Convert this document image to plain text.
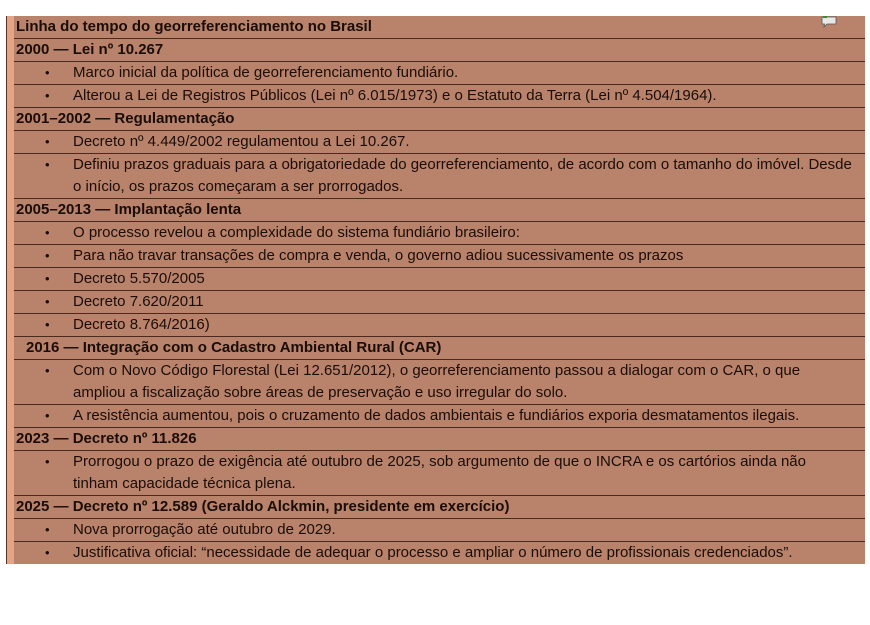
Linha do tempo do georreferenciamento no Brasil
2000 — Lei nº 10.267
• Marco inicial da política de georreferenciamento fundiário.
• Alterou a Lei de Registros Públicos (Lei nº 6.015/1973) e o Estatuto da Terra (Lei nº 4.504/1964).
2001–2002 — Regulamentação
• Decreto nº 4.449/2002 regulamentou a Lei 10.267.
• Definiu prazos graduais para a obrigatoriedade do georreferenciamento, de acordo com o tamanho do imóvel. Desde o início, os prazos começaram a ser prorrogados.
2005–2013 — Implantação lenta
• O processo revelou a complexidade do sistema fundiário brasileiro:
• Para não travar transações de compra e venda, o governo adiou sucessivamente os prazos
• Decreto 5.570/2005
• Decreto 7.620/2011
• Decreto 8.764/2016)
2016 — Integração com o Cadastro Ambiental Rural (CAR)
• Com o Novo Código Florestal (Lei 12.651/2012), o georreferenciamento passou a dialogar com o CAR, o que ampliou a fiscalização sobre áreas de preservação e uso irregular do solo.
• A resistência aumentou, pois o cruzamento de dados ambientais e fundiários exporia desmatamentos ilegais.
2023 — Decreto nº 11.826
• Prorrogou o prazo de exigência até outubro de 2025, sob argumento de que o INCRA e os cartórios ainda não tinham capacidade técnica plena.
2025 — Decreto nº 12.589 (Geraldo Alckmin, presidente em exercício)
• Nova prorrogação até outubro de 2029.
• Justificativa oficial: “necessidade de adequar o processo e ampliar o número de profissionais credenciados”.
